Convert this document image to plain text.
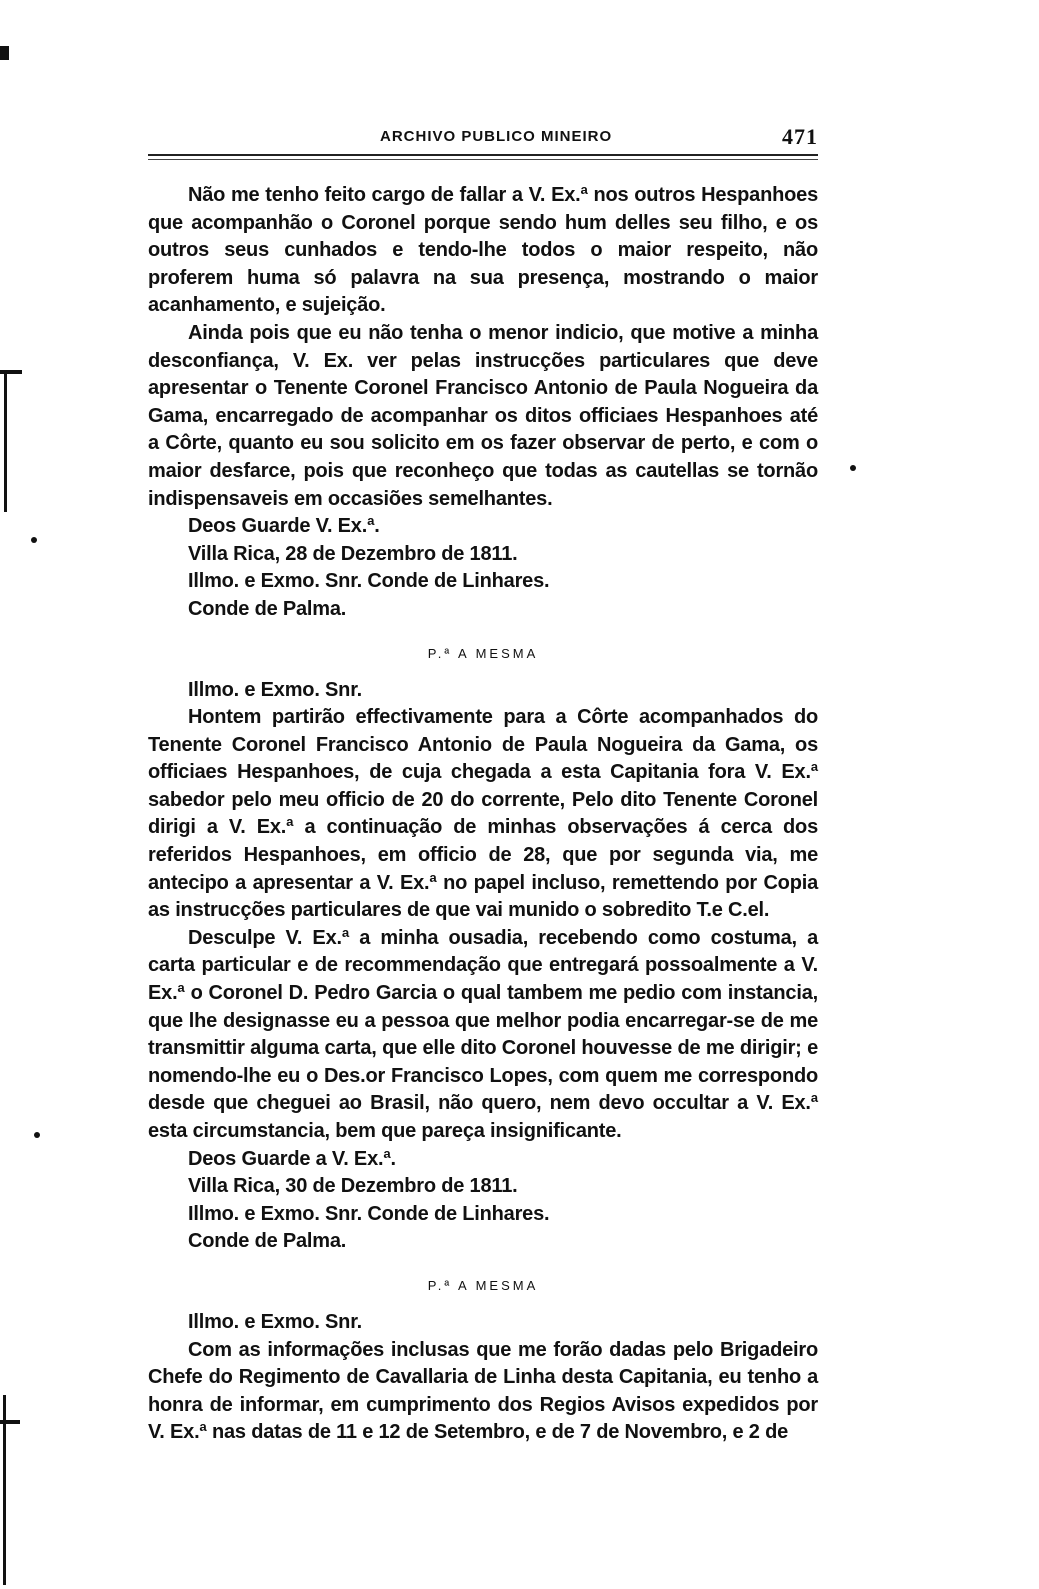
ARCHIVO PUBLICO MINEIRO	471

Não me tenho feito cargo de fallar a V. Ex.ª nos outros Hespanhoes que acompanhão o Coronel porque sendo hum delles seu filho, e os outros seus cunhados e tendo-lhe todos o maior respeito, não proferem huma só palavra na sua presença, mostrando o maior acanhamento, e sujeição.

Ainda pois que eu não tenha o menor indicio, que motive a minha desconfiança, V. Ex. ver pelas instrucções particulares que deve apresentar o Tenente Coronel Francisco Antonio de Paula Nogueira da Gama, encarregado de acompanhar os ditos officiaes Hespanhoes até a Côrte, quanto eu sou solicito em os fazer observar de perto, e com o maior desfarce, pois que reconheço que todas as cautellas se tornão indispensaveis em occasiões semelhantes.

Deos Guarde V. Ex.ª.

Villa Rica, 28 de Dezembro de 1811.

Illmo. e Exmo. Snr. Conde de Linhares.

Conde de Palma.

P.ª A MESMA

Illmo. e Exmo. Snr.

Hontem partirão effectivamente para a Côrte acompanhados do Tenente Coronel Francisco Antonio de Paula Nogueira da Gama, os officiaes Hespanhoes, de cuja chegada a esta Capitania fora V. Ex.ª sabedor pelo meu officio de 20 do corrente, Pelo dito Tenente Coronel dirigi a V. Ex.ª a continuação de minhas observações á cerca dos referidos Hespanhoes, em officio de 28, que por segunda via, me antecipo a apresentar a V. Ex.ª no papel incluso, remettendo por Copia as instrucções particulares de que vai munido o sobredito T.e C.el.

Desculpe V. Ex.ª a minha ousadia, recebendo como costuma, a carta particular e de recommendação que entregará possoalmente a V. Ex.ª o Coronel D. Pedro Garcia o qual tambem me pedio com instancia, que lhe designasse eu a pessoa que melhor podia encarregar-se de me transmittir alguma carta, que elle dito Coronel houvesse de me dirigir; e nomendo-lhe eu o Des.or Francisco Lopes, com quem me correspondo desde que cheguei ao Brasil, não quero, nem devo occultar a V. Ex.ª esta circumstancia, bem que pareça insignificante.

Deos Guarde a V. Ex.ª.

Villa Rica, 30 de Dezembro de 1811.

Illmo. e Exmo. Snr. Conde de Linhares.

Conde de Palma.

P.ª A MESMA

Illmo. e Exmo. Snr.

Com as informações inclusas que me forão dadas pelo Brigadeiro Chefe do Regimento de Cavallaria de Linha desta Capitania, eu tenho a honra de informar, em cumprimento dos Regios Avisos expedidos por V. Ex.ª nas datas de 11 e 12 de Setembro, e de 7 de Novembro, e 2 de
